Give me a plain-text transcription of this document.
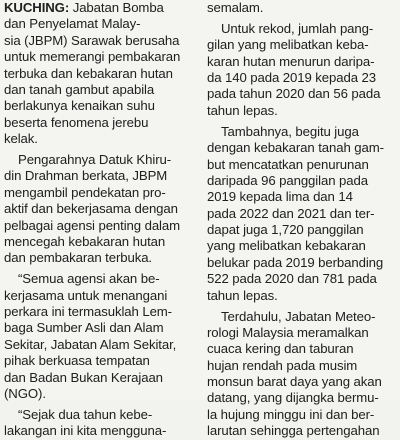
KUCHING: Jabatan Bomba
dan Penyelamat Malay-
sia (JBPM) Sarawak berusaha
untuk memerangi pembakaran
terbuka dan kebakaran hutan
dan tanah gambut apabila
berlakunya kenaikan suhu
beserta fenomena jerebu
kelak.
Pengarahnya Datuk Khiru-
din Drahman berkata, JBPM
mengambil pendekatan pro-
aktif dan bekerjasama dengan
pelbagai agensi penting dalam
mencegah kebakaran hutan
dan pembakaran terbuka.
“Semua agensi akan be-
kerjasama untuk menangani
perkara ini termasuklah Lem-
baga Sumber Asli dan Alam
Sekitar, Jabatan Alam Sekitar,
pihak berkuasa tempatan
dan Badan Bukan Kerajaan
(NGO).
“Sejak dua tahun kebe-
lakangan ini kita mengguna-
semalam.
Untuk rekod, jumlah pang-
gilan yang melibatkan keba-
karan hutan menurun daripa-
da 140 pada 2019 kepada 23
pada tahun 2020 dan 56 pada
tahun lepas.
Tambahnya, begitu juga
dengan kebakaran tanah gam-
but mencatatkan penurunan
daripada 96 panggilan pada
2019 kepada lima dan 14
pada 2022 dan 2021 dan ter-
dapat juga 1,720 panggilan
yang melibatkan kebakaran
belukar pada 2019 berbanding
522 pada 2020 dan 781 pada
tahun lepas.
Terdahulu, Jabatan Meteo-
rologi Malaysia meramalkan
cuaca kering dan taburan
hujan rendah pada musim
monsun barat daya yang akan
datang, yang dijangka bermu-
la hujung minggu ini dan ber-
larutan sehingga pertengahan
